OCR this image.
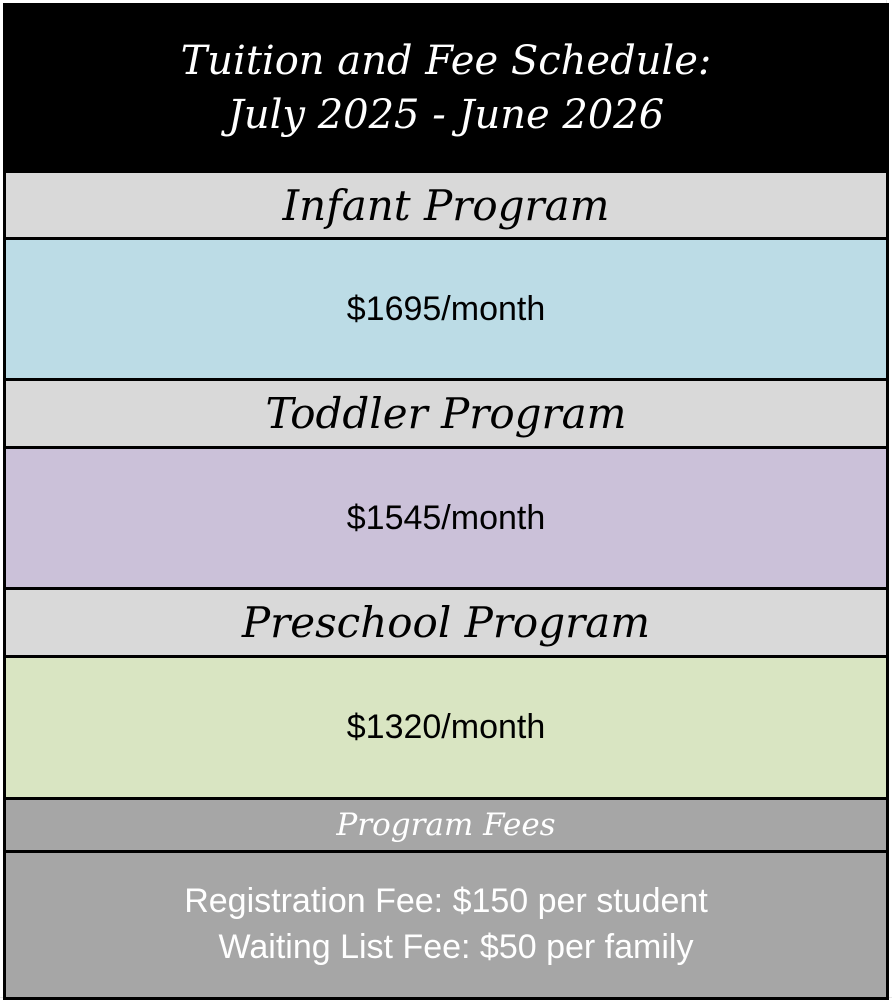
Tuition and Fee Schedule:
July 2025 - June 2026
Infant Program
$1695/month
Toddler Program
$1545/month
Preschool Program
$1320/month
Program Fees
Registration Fee: $150 per student
Waiting List Fee: $50 per family
